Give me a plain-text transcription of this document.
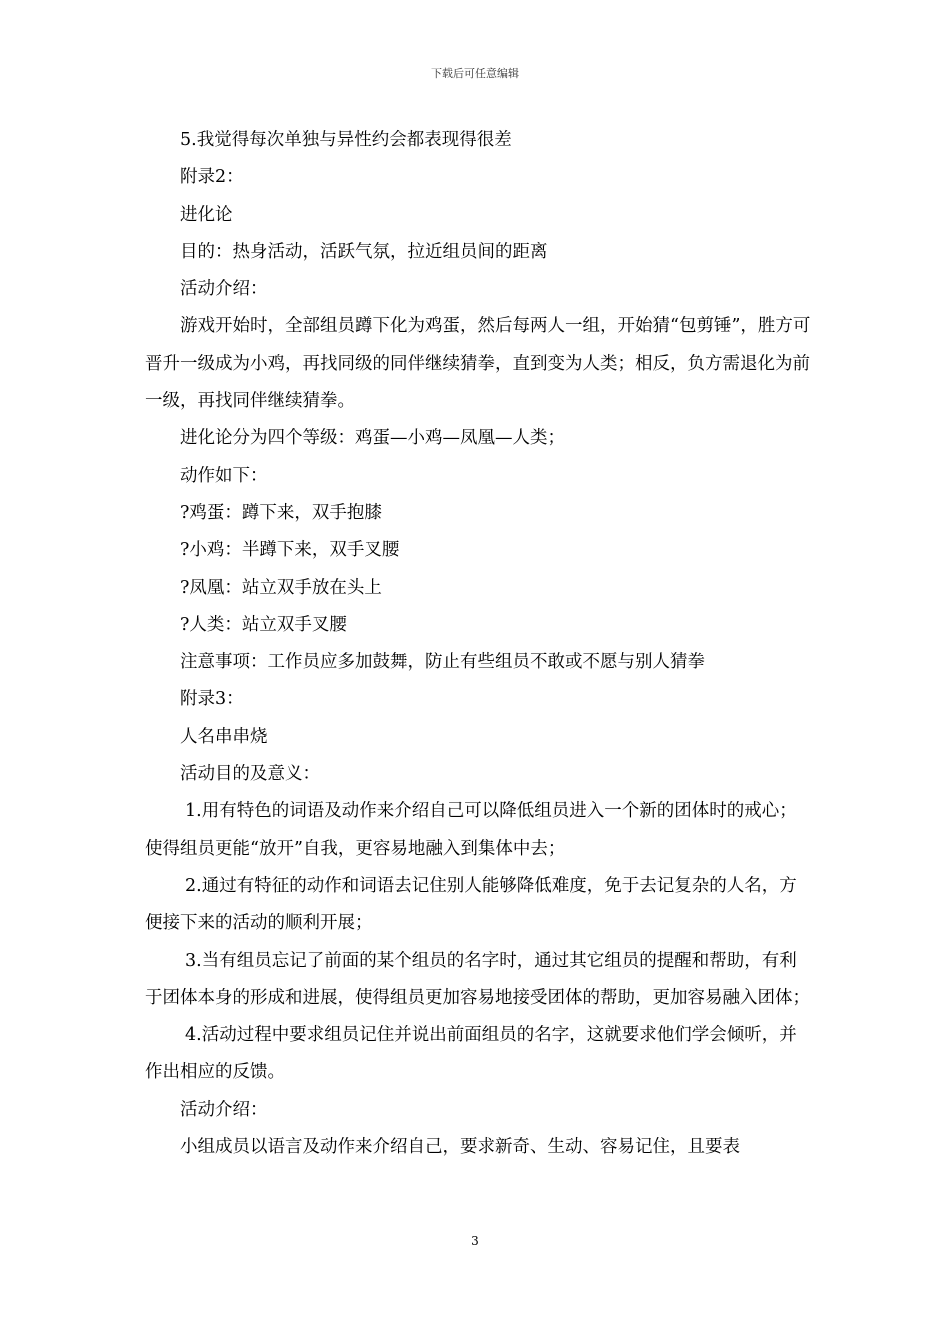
下载后可任意编辑

5.我觉得每次单独与异性约会都表现得很差

附录2：

进化论

目的：热身活动，活跃气氛，拉近组员间的距离

活动介绍：

游戏开始时，全部组员蹲下化为鸡蛋，然后每两人一组，开始猜“包剪锤”，胜方可晋升一级成为小鸡，再找同级的同伴继续猜拳，直到变为人类；相反，负方需退化为前一级，再找同伴继续猜拳。

进化论分为四个等级：鸡蛋—小鸡—凤凰—人类；

动作如下：

?鸡蛋：蹲下来，双手抱膝

?小鸡：半蹲下来，双手叉腰

?凤凰：站立双手放在头上

?人类：站立双手叉腰

注意事项：工作员应多加鼓舞，防止有些组员不敢或不愿与别人猜拳

附录3：

人名串串烧

活动目的及意义：

1.用有特色的词语及动作来介绍自己可以降低组员进入一个新的团体时的戒心；使得组员更能“放开”自我，更容易地融入到集体中去；

2.通过有特征的动作和词语去记住别人能够降低难度，免于去记复杂的人名，方便接下来的活动的顺利开展；

3.当有组员忘记了前面的某个组员的名字时，通过其它组员的提醒和帮助，有利于团体本身的形成和进展，使得组员更加容易地接受团体的帮助，更加容易融入团体；

4.活动过程中要求组员记住并说出前面组员的名字，这就要求他们学会倾听，并作出相应的反馈。

活动介绍：

小组成员以语言及动作来介绍自己，要求新奇、生动、容易记住，且要表

3
